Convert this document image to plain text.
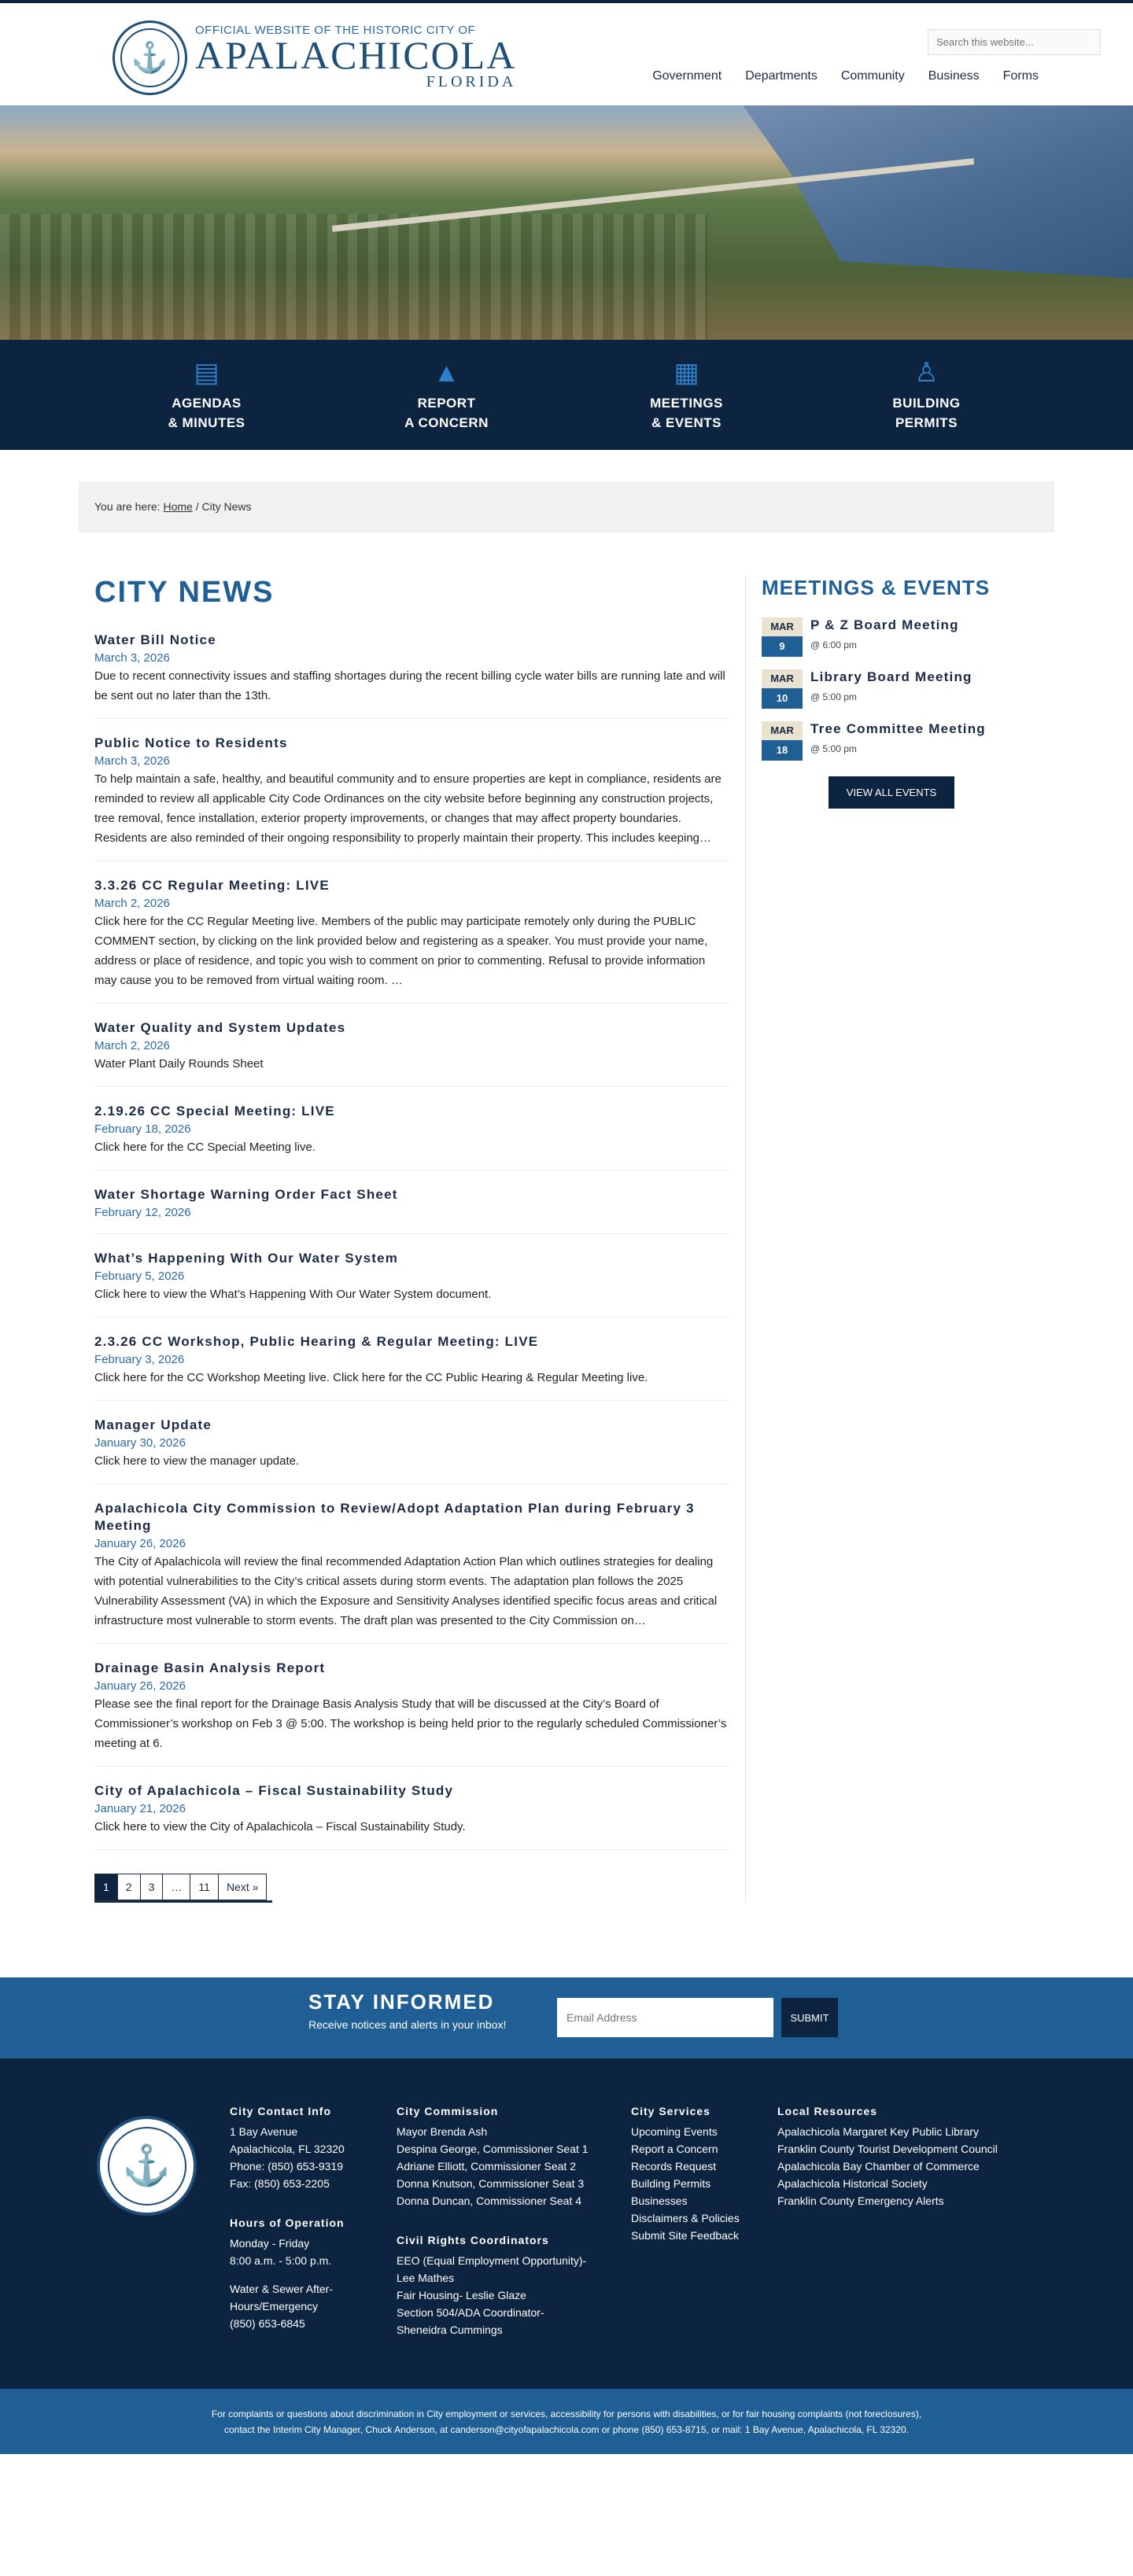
⚓
OFFICIAL WEBSITE OF THE HISTORIC CITY OF
APALACHICOLA
FLORIDA
Search this website...	Government Departments Community Business Forms
▤
AGENDAS
& MINUTES
▲
REPORT
A CONCERN
▦
MEETINGS
& EVENTS
♙
BUILDING
PERMITS
You are here: Home / City News
CITY NEWS
Water Bill Notice
March 3, 2026

Due to recent connectivity issues and staffing shortages during the recent billing cycle water bills are running late and will be sent out no later than the 13th.

Public Notice to Residents
March 3, 2026

To help maintain a safe, healthy, and beautiful community and to ensure properties are kept in compliance, residents are reminded to review all applicable City Code Ordinances on the city website before beginning any construction projects, tree removal, fence installation, exterior property improvements, or changes that may affect property boundaries. Residents are also reminded of their ongoing responsibility to properly maintain their property. This includes keeping…

3.3.26 CC Regular Meeting: LIVE
March 2, 2026

Click here for the CC Regular Meeting live. Members of the public may participate remotely only during the PUBLIC COMMENT section, by clicking on the link provided below and registering as a speaker. You must provide your name, address or place of residence, and topic you wish to comment on prior to commenting. Refusal to provide information may cause you to be removed from virtual waiting room. …

Water Quality and System Updates
March 2, 2026

Water Plant Daily Rounds Sheet

2.19.26 CC Special Meeting: LIVE
February 18, 2026

Click here for the CC Special Meeting live.

Water Shortage Warning Order Fact Sheet
February 12, 2026
What’s Happening With Our Water System
February 5, 2026

Click here to view the What’s Happening With Our Water System document.

2.3.26 CC Workshop, Public Hearing & Regular Meeting: LIVE
February 3, 2026

Click here for the CC Workshop Meeting live. Click here for the CC Public Hearing & Regular Meeting live.

Manager Update
January 30, 2026

Click here to view the manager update.

Apalachicola City Commission to Review/Adopt Adaptation Plan during February 3 Meeting
January 26, 2026

The City of Apalachicola will review the final recommended Adaptation Action Plan which outlines strategies for dealing with potential vulnerabilities to the City’s critical assets during storm events. The adaptation plan follows the 2025 Vulnerability Assessment (VA) in which the Exposure and Sensitivity Analyses identified specific focus areas and critical infrastructure most vulnerable to storm events. The draft plan was presented to the City Commission on…

Drainage Basin Analysis Report
January 26, 2026

Please see the final report for the Drainage Basis Analysis Study that will be discussed at the City’s Board of Commissioner’s workshop on Feb 3 @ 5:00. The workshop is being held prior to the regularly scheduled Commissioner’s meeting at 6.

City of Apalachicola – Fiscal Sustainability Study
January 21, 2026

Click here to view the City of Apalachicola – Fiscal Sustainability Study.

1	2	3	…	11	Next »
MEETINGS & EVENTS
MAR
9
P & Z Board Meeting
@ 6:00 pm
MAR
10
Library Board Meeting
@ 5:00 pm
MAR
18
Tree Committee Meeting
@ 5:00 pm
VIEW ALL EVENTS
STAY INFORMED
Receive notices and alerts in your inbox!
Email Address
SUBMIT
⚓
City Contact Info
1 Bay Avenue
Apalachicola, FL 32320
Phone: (850) 653-9319
Fax: (850) 653-2205
Hours of Operation
Monday - Friday
8:00 a.m. - 5:00 p.m.
Water & Sewer After-
Hours/Emergency
(850) 653-6845
City Commission
Mayor Brenda Ash
Despina George, Commissioner Seat 1
Adriane Elliott, Commissioner Seat 2
Donna Knutson, Commissioner Seat 3
Donna Duncan, Commissioner Seat 4
Civil Rights Coordinators
EEO (Equal Employment Opportunity)-
Lee Mathes
Fair Housing- Leslie Glaze
Section 504/ADA Coordinator-
Sheneidra Cummings
City Services
Upcoming Events
Report a Concern
Records Request
Building Permits
Businesses
Disclaimers & Policies
Submit Site Feedback
Local Resources
Apalachicola Margaret Key Public Library
Franklin County Tourist Development Council
Apalachicola Bay Chamber of Commerce
Apalachicola Historical Society
Franklin County Emergency Alerts
For complaints or questions about discrimination in City employment or services, accessibility for persons with disabilities, or for fair housing complaints (not foreclosures),
contact the Interim City Manager, Chuck Anderson, at canderson@cityofapalachicola.com or phone (850) 653-8715, or mail: 1 Bay Avenue, Apalachicola, FL 32320.
